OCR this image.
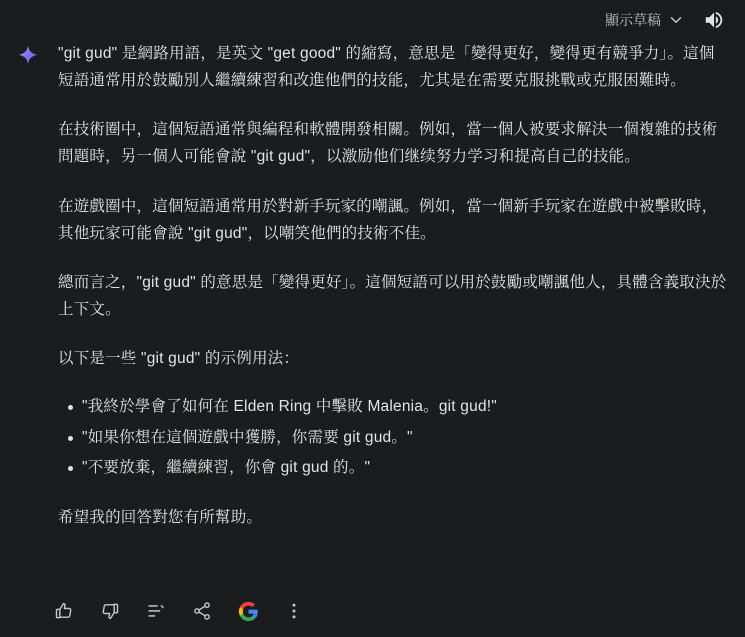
顯示草稿

"git gud" 是網路用語，是英文 "get good" 的縮寫，意思是「變得更好，變得更有競爭力」。這個短語通常用於鼓勵別人繼續練習和改進他們的技能，尤其是在需要克服挑戰或克服困難時。

在技術圈中，這個短語通常與編程和軟體開發相關。例如，當一個人被要求解決一個複雜的技術問題時，另一個人可能會說 "git gud"，以激励他们继续努力学习和提高自己的技能。

在遊戲圈中，這個短語通常用於對新手玩家的嘲諷。例如，當一個新手玩家在遊戲中被擊敗時，其他玩家可能會說 "git gud"，以嘲笑他們的技術不佳。

總而言之，"git gud" 的意思是「變得更好」。這個短語可以用於鼓勵或嘲諷他人，具體含義取決於上下文。

以下是一些 "git gud" 的示例用法：

"我終於學會了如何在 Elden Ring 中擊敗 Malenia。git gud!"
"如果你想在這個遊戲中獲勝，你需要 git gud。"
"不要放棄，繼續練習，你會 git gud 的。"

希望我的回答對您有所幫助。
